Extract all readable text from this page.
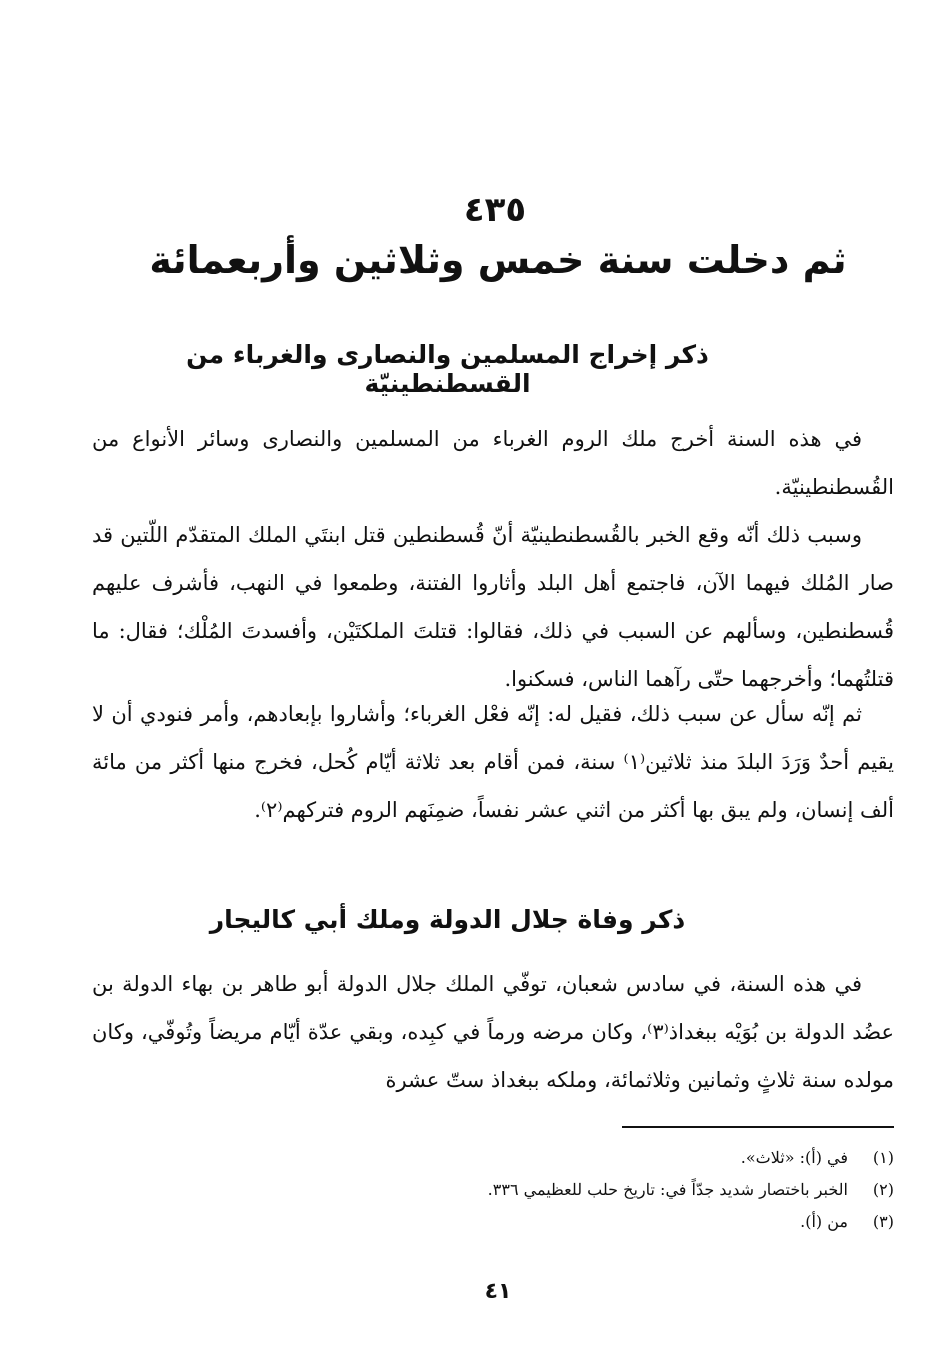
٤٣٥
ثم دخلت سنة خمس وثلاثين وأربعمائة
ذكر إخراج المسلمين والنصارى والغرباء من القسطنطينيّة

في هذه السنة أخرج ملك الروم الغرباء من المسلمين والنصارى وسائر الأنواع من القُسطنطينيّة.

وسبب ذلك أنّه وقع الخبر بالقُسطنطينيّة أنّ قُسطنطين قتل ابنتَي الملك المتقدّم اللّتين قد صار المُلك فيهما الآن، فاجتمع أهل البلد وأثاروا الفتنة، وطمعوا في النهب، فأشرف عليهم قُسطنطين، وسألهم عن السبب في ذلك، فقالوا: قتلتَ الملكتَيْن، وأفسدتَ المُلْك؛ فقال: ما قتلتُهما؛ وأخرجهما حتّى رآهما الناس، فسكنوا.

ثم إنّه سأل عن سبب ذلك، فقيل له: إنّه فعْل الغرباء؛ وأشاروا بإبعادهم، وأمر فنودي أن لا يقيم أحدٌ وَرَدَ البلدَ منذ ثلاثين⁽١⁾ سنة، فمن أقام بعد ثلاثة أيّام كُحل، فخرج منها أكثر من مائة ألف إنسان، ولم يبق بها أكثر من اثني عشر نفساً، ضمِنَهم الروم فتركهم⁽٢⁾.

ذكر وفاة جلال الدولة وملك أبي كاليجار

في هذه السنة، في سادس شعبان، توفّي الملك جلال الدولة أبو طاهر بن بهاء الدولة بن عضُد الدولة بن بُوَيْه ببغداذ⁽٣⁾، وكان مرضه ورماً في كبِده، وبقي عدّة أيّام مريضاً وتُوفّي، وكان مولده سنة ثلاثٍ وثمانين وثلاثمائة، وملكه ببغداذ ستّ عشرة

(١)
في (أ): «ثلاث».
(٢)
الخبر باختصار شديد جدّاً في: تاريخ حلب للعظيمي ٣٣٦.
(٣)
من (أ).
٤١
